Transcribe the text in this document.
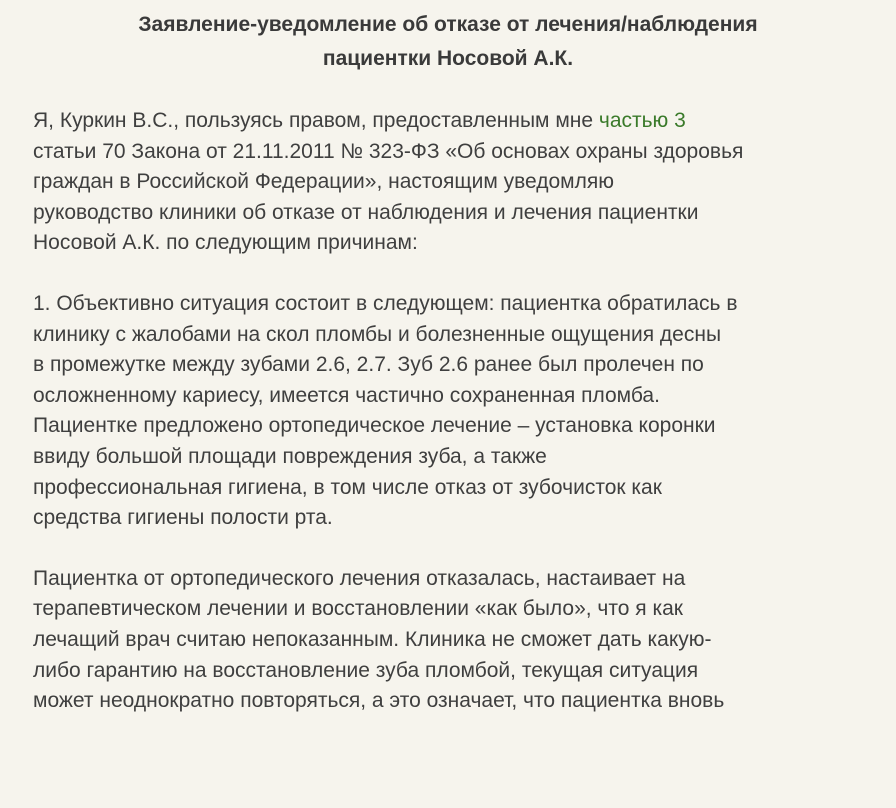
Заявление-уведомление об отказе от лечения/наблюдения
пациентки Носовой А.К.

Я, Куркин В.С., пользуясь правом, предоставленным мне частью 3
статьи 70 Закона от 21.11.2011 № 323-ФЗ «Об основах охраны здоровья
граждан в Российской Федерации», настоящим уведомляю
руководство клиники об отказе от наблюдения и лечения пациентки
Носовой А.К. по следующим причинам:

1. Объективно ситуация состоит в следующем: пациентка обратилась в
клинику с жалобами на скол пломбы и болезненные ощущения десны
в промежутке между зубами 2.6, 2.7. Зуб 2.6 ранее был пролечен по
осложненному кариесу, имеется частично сохраненная пломба.
Пациентке предложено ортопедическое лечение – установка коронки
ввиду большой площади повреждения зуба, а также
профессиональная гигиена, в том числе отказ от зубочисток как
средства гигиены полости рта.

Пациентка от ортопедического лечения отказалась, настаивает на
терапевтическом лечении и восстановлении «как было», что я как
лечащий врач считаю непоказанным. Клиника не сможет дать какую-
либо гарантию на восстановление зуба пломбой, текущая ситуация
может неоднократно повторяться, а это означает, что пациентка вновь
